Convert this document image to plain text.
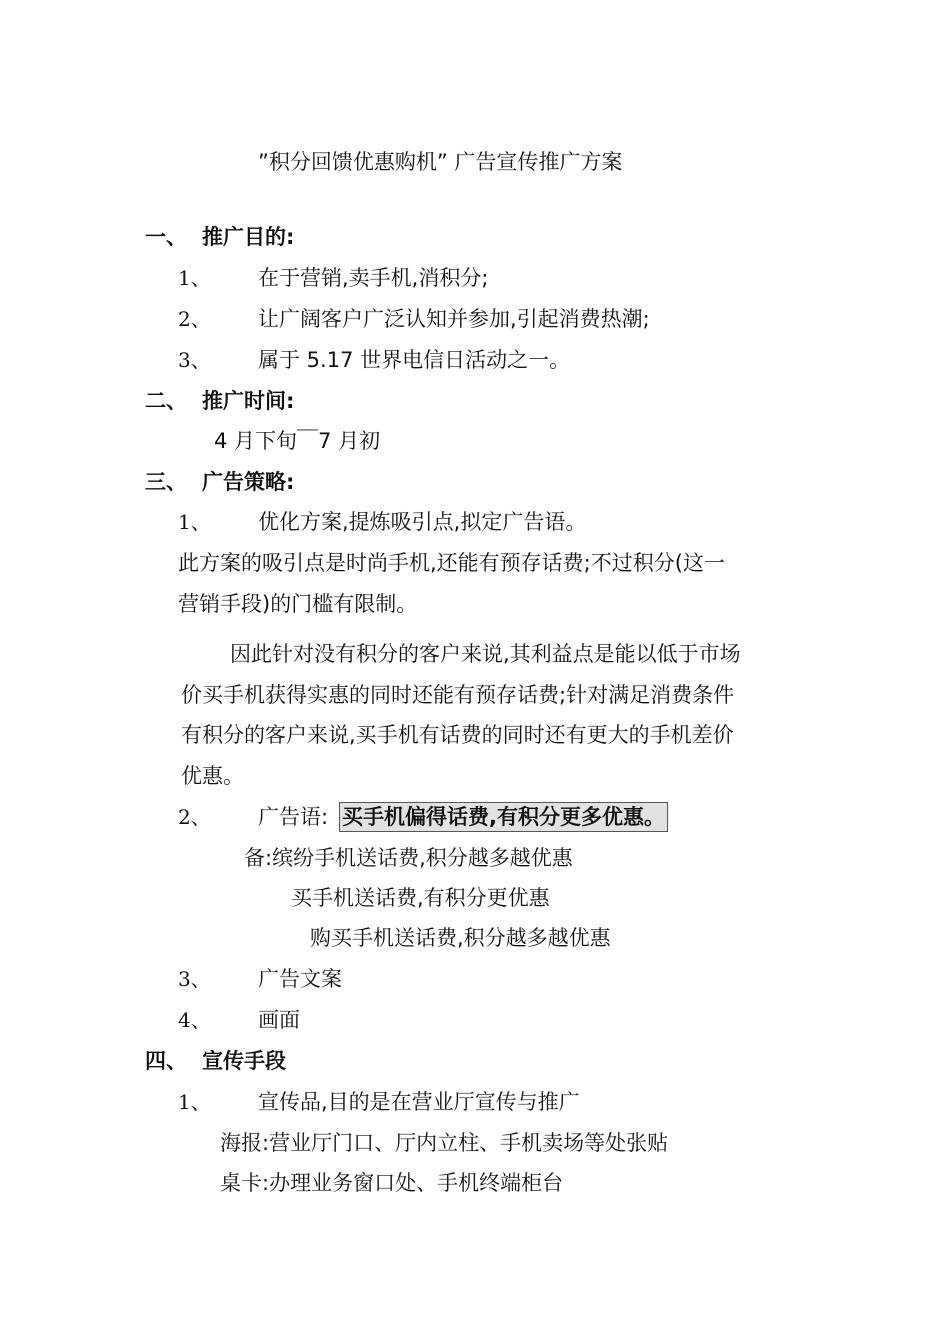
”积分回馈优惠购机” 广告宣传推广方案
一、 推广目的:
1、 在于营销,卖手机,消积分;
2、 让广阔客户广泛认知并参加,引起消费热潮;
3、 属于 5.17 世界电信日活动之一。
二、 推广时间:
4 月下旬￣7 月初
三、 广告策略:
1、 优化方案,提炼吸引点,拟定广告语。
此方案的吸引点是时尚手机,还能有预存话费;不过积分(这一
营销手段)的门槛有限制。
因此针对没有积分的客户来说,其利益点是能以低于市场
价买手机获得实惠的同时还能有预存话费;针对满足消费条件
有积分的客户来说,买手机有话费的同时还有更大的手机差价
优惠。
2、 广告语: 买手机偏得话费,有积分更多优惠。
备:缤纷手机送话费,积分越多越优惠
买手机送话费,有积分更优惠
购买手机送话费,积分越多越优惠
3、 广告文案
4、 画面
四、 宣传手段
1、 宣传品,目的是在营业厅宣传与推广
海报:营业厅门口、厅内立柱、手机卖场等处张贴
桌卡:办理业务窗口处、手机终端柜台
